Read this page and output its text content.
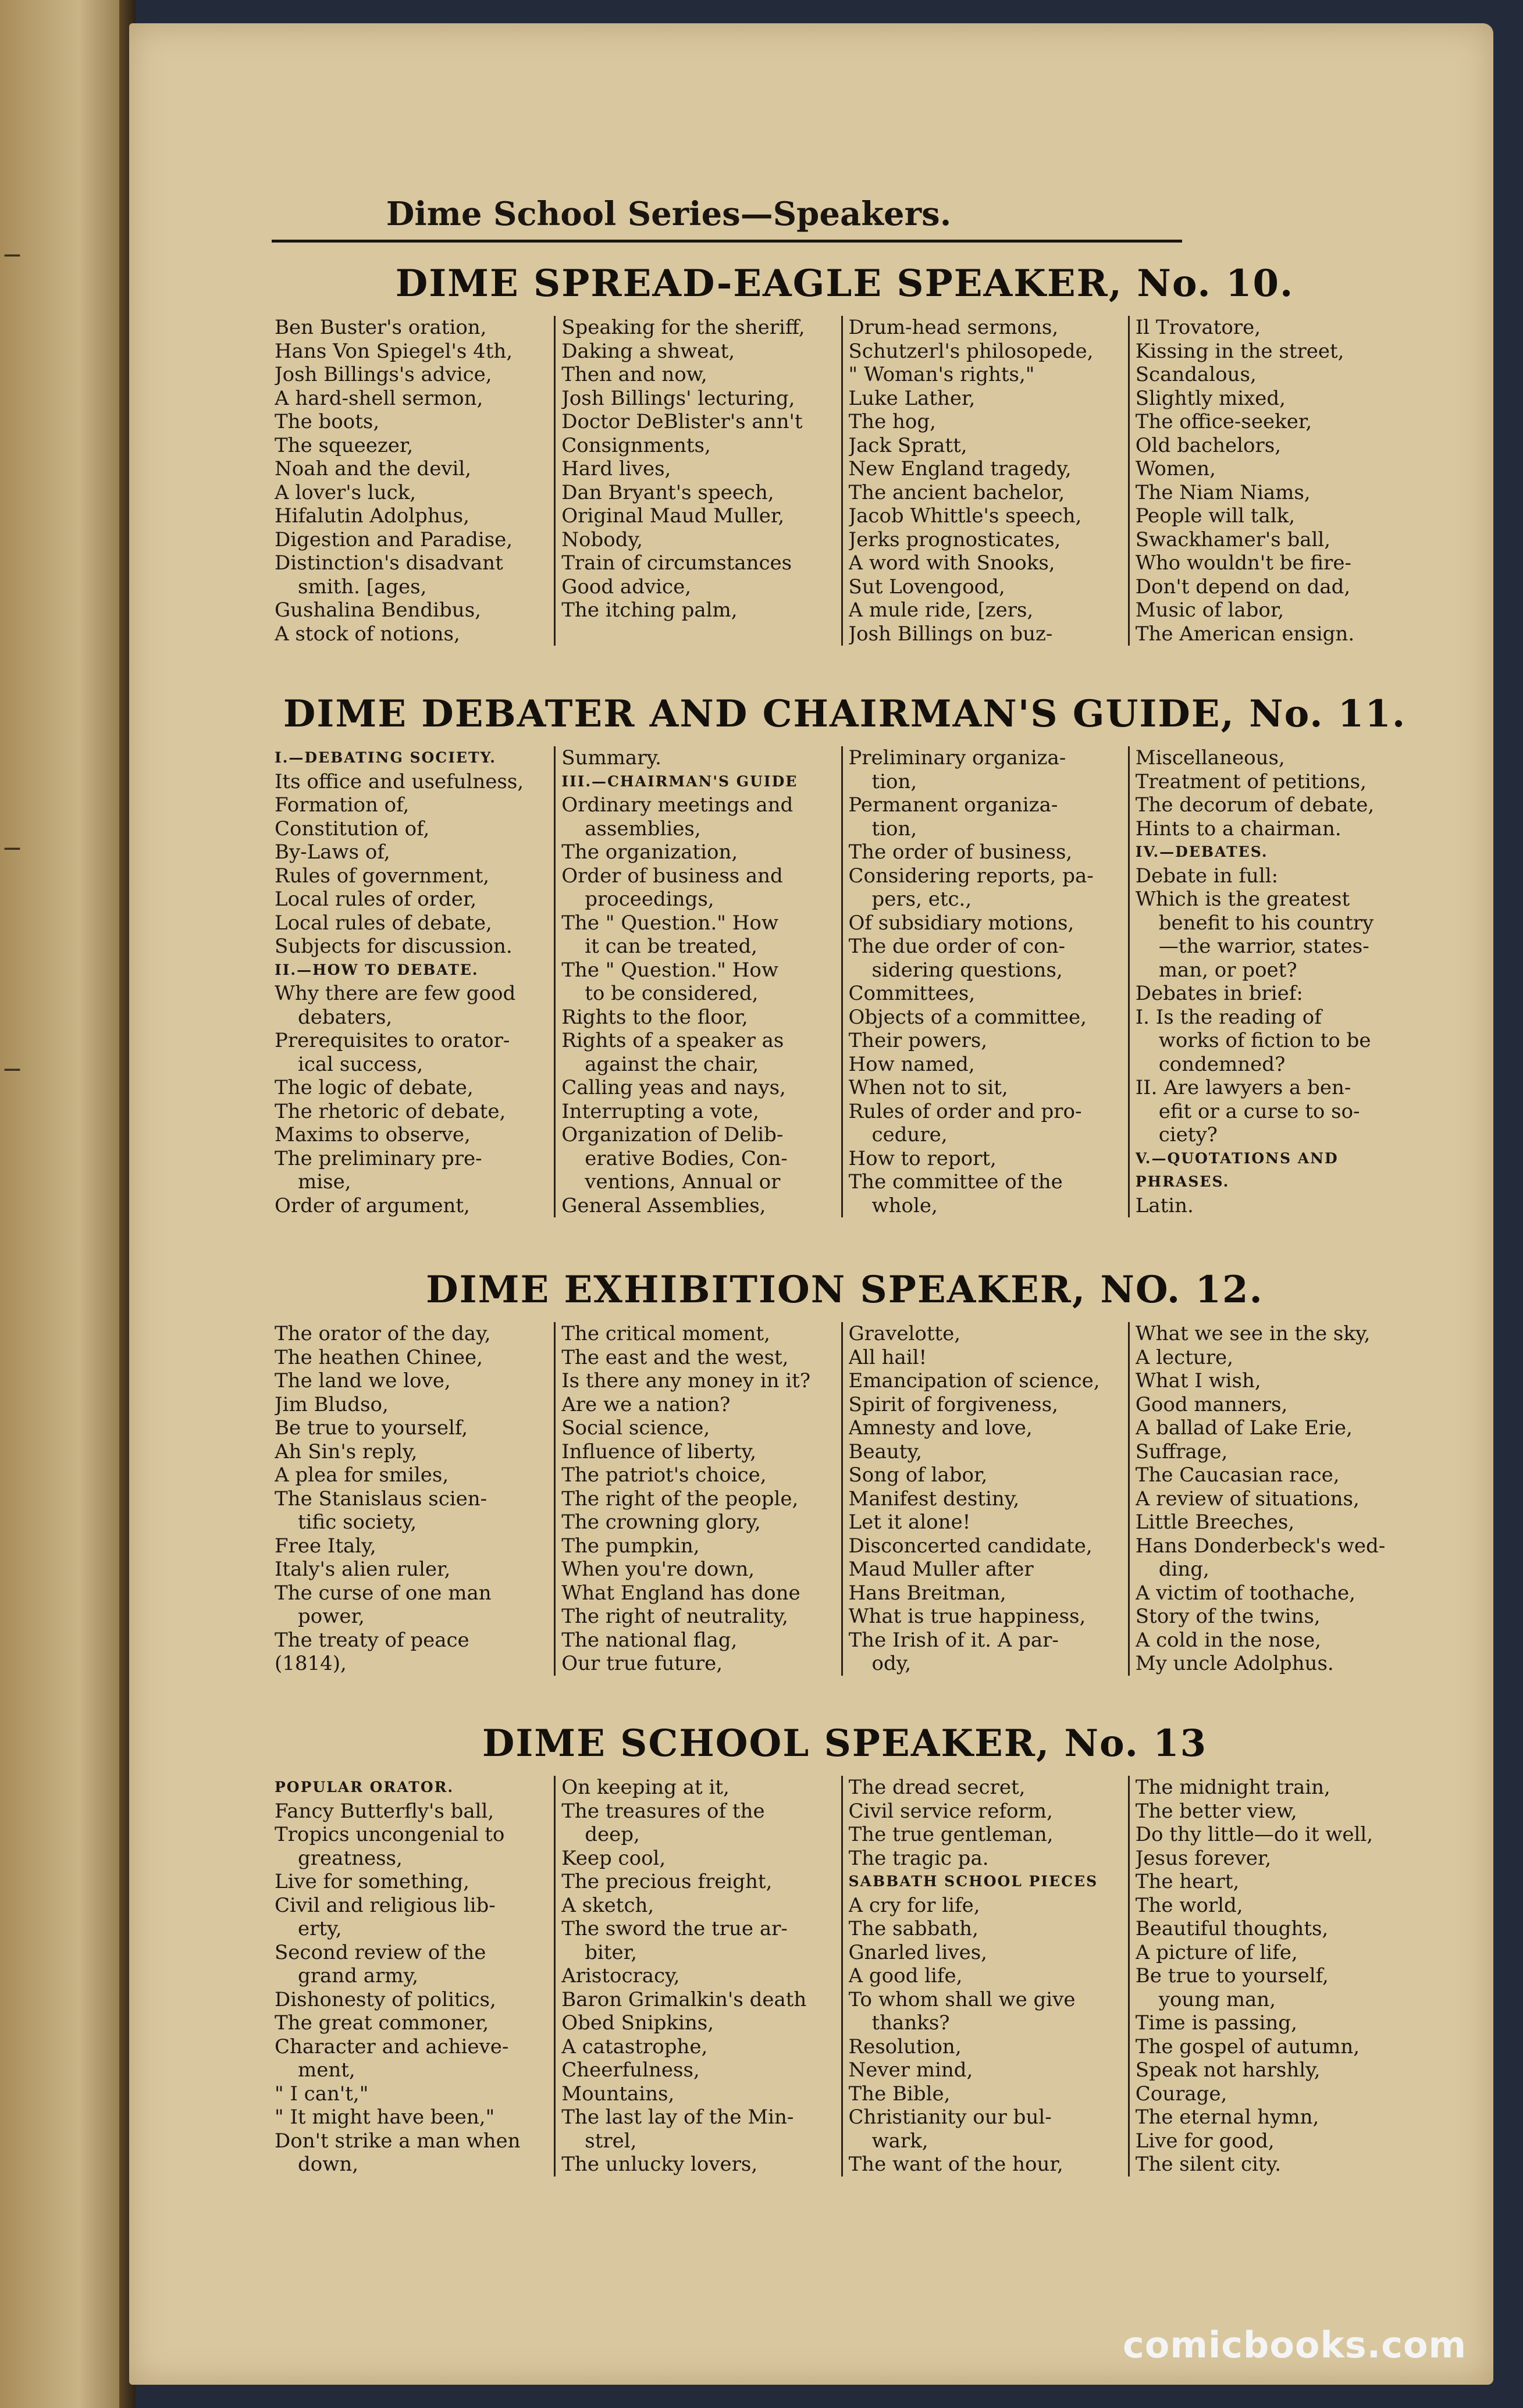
—
—
—
Dime School Series—Speakers.
DIME SPREAD-EAGLE SPEAKER, No. 10.
Ben Buster's oration,
Hans Von Spiegel's 4th,
Josh Billings's advice,
A hard-shell sermon,
The boots,
The squeezer,
Noah and the devil,
A lover's luck,
Hifalutin Adolphus,
Digestion and Paradise,
Distinction's disadvant
smith. [ages,
Gushalina Bendibus,
A stock of notions,
Speaking for the sheriff,
Daking a shweat,
Then and now,
Josh Billings' lecturing,
Doctor DeBlister's ann't
Consignments,
Hard lives,
Dan Bryant's speech,
Original Maud Muller,
Nobody,
Train of circumstances
Good advice,
The itching palm,
Drum-head sermons,
Schutzerl's philosopede,
" Woman's rights,"
Luke Lather,
The hog,
Jack Spratt,
New England tragedy,
The ancient bachelor,
Jacob Whittle's speech,
Jerks prognosticates,
A word with Snooks,
Sut Lovengood,
A mule ride, [zers,
Josh Billings on buz-
Il Trovatore,
Kissing in the street,
Scandalous,
Slightly mixed,
The office-seeker,
Old bachelors,
Women,
The Niam Niams,
People will talk,
Swackhamer's ball,
Who wouldn't be fire-
Don't depend on dad,
Music of labor,
The American ensign.
DIME DEBATER AND CHAIRMAN'S GUIDE, No. 11.
I.—DEBATING SOCIETY.
Its office and usefulness,
Formation of,
Constitution of,
By-Laws of,
Rules of government,
Local rules of order,
Local rules of debate,
Subjects for discussion.
II.—HOW TO DEBATE.
Why there are few good
debaters,
Prerequisites to orator-
ical success,
The logic of debate,
The rhetoric of debate,
Maxims to observe,
The preliminary pre-
mise,
Order of argument,
Summary.
III.—CHAIRMAN'S GUIDE
Ordinary meetings and
assemblies,
The organization,
Order of business and
proceedings,
The " Question." How
it can be treated,
The " Question." How
to be considered,
Rights to the floor,
Rights of a speaker as
against the chair,
Calling yeas and nays,
Interrupting a vote,
Organization of Delib-
erative Bodies, Con-
ventions, Annual or
General Assemblies,
Preliminary organiza-
tion,
Permanent organiza-
tion,
The order of business,
Considering reports, pa-
pers, etc.,
Of subsidiary motions,
The due order of con-
sidering questions,
Committees,
Objects of a committee,
Their powers,
How named,
When not to sit,
Rules of order and pro-
cedure,
How to report,
The committee of the
whole,
Miscellaneous,
Treatment of petitions,
The decorum of debate,
Hints to a chairman.
IV.—DEBATES.
Debate in full:
Which is the greatest
benefit to his country
—the warrior, states-
man, or poet?
Debates in brief:
I. Is the reading of
works of fiction to be
condemned?
II. Are lawyers a ben-
efit or a curse to so-
ciety?
V.—QUOTATIONS AND
PHRASES.
Latin.
DIME EXHIBITION SPEAKER, NO. 12.
The orator of the day,
The heathen Chinee,
The land we love,
Jim Bludso,
Be true to yourself,
Ah Sin's reply,
A plea for smiles,
The Stanislaus scien-
tific society,
Free Italy,
Italy's alien ruler,
The curse of one man
power,
The treaty of peace
(1814),
The critical moment,
The east and the west,
Is there any money in it?
Are we a nation?
Social science,
Influence of liberty,
The patriot's choice,
The right of the people,
The crowning glory,
The pumpkin,
When you're down,
What England has done
The right of neutrality,
The national flag,
Our true future,
Gravelotte,
All hail!
Emancipation of science,
Spirit of forgiveness,
Amnesty and love,
Beauty,
Song of labor,
Manifest destiny,
Let it alone!
Disconcerted candidate,
Maud Muller after
Hans Breitman,
What is true happiness,
The Irish of it. A par-
ody,
What we see in the sky,
A lecture,
What I wish,
Good manners,
A ballad of Lake Erie,
Suffrage,
The Caucasian race,
A review of situations,
Little Breeches,
Hans Donderbeck's wed-
ding,
A victim of toothache,
Story of the twins,
A cold in the nose,
My uncle Adolphus.
DIME SCHOOL SPEAKER, No. 13
POPULAR ORATOR.
Fancy Butterfly's ball,
Tropics uncongenial to
greatness,
Live for something,
Civil and religious lib-
erty,
Second review of the
grand army,
Dishonesty of politics,
The great commoner,
Character and achieve-
ment,
" I can't,"
" It might have been,"
Don't strike a man when
down,
On keeping at it,
The treasures of the
deep,
Keep cool,
The precious freight,
A sketch,
The sword the true ar-
biter,
Aristocracy,
Baron Grimalkin's death
Obed Snipkins,
A catastrophe,
Cheerfulness,
Mountains,
The last lay of the Min-
strel,
The unlucky lovers,
The dread secret,
Civil service reform,
The true gentleman,
The tragic pa.
SABBATH SCHOOL PIECES
A cry for life,
The sabbath,
Gnarled lives,
A good life,
To whom shall we give
thanks?
Resolution,
Never mind,
The Bible,
Christianity our bul-
wark,
The want of the hour,
The midnight train,
The better view,
Do thy little—do it well,
Jesus forever,
The heart,
The world,
Beautiful thoughts,
A picture of life,
Be true to yourself,
young man,
Time is passing,
The gospel of autumn,
Speak not harshly,
Courage,
The eternal hymn,
Live for good,
The silent city.
comicbooks.com
